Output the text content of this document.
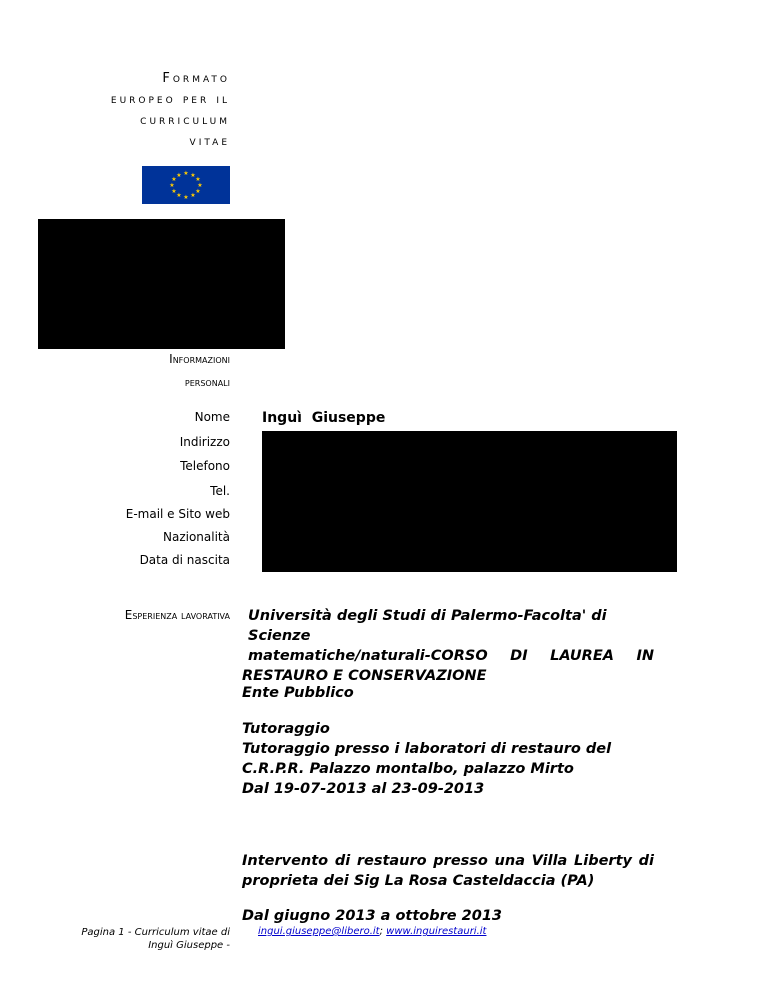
Formato
europeo per il
curriculum
vitae
★ ★
★
★
★
★
★
★
★
★
★
★
Informazioni
personali
Nome
Indirizzo
Telefono
Tel.
E-mail e Sito web
Nazionalità
Data di nascita
Inguì  Giuseppe
Esperienza lavorativa	Università degli Studi di Palermo-Facolta' di Scienze
matematiche/naturali-CORSO DI LAUREA IN
RESTAURO E CONSERVAZIONE
Ente Pubblico
Tutoraggio
Tutoraggio presso i laboratori di restauro del
C.R.P.R. Palazzo montalbo, palazzo Mirto
Dal 19-07-2013 al 23-09-2013
Intervento di restauro presso una Villa Liberty di
proprieta dei Sig La Rosa Casteldaccia (PA)
Dal giugno 2013 a ottobre 2013
Pagina 1 - Curriculum vitae di
Inguì Giuseppe -
ingui.giuseppe@libero.it; www.inguirestauri.it
